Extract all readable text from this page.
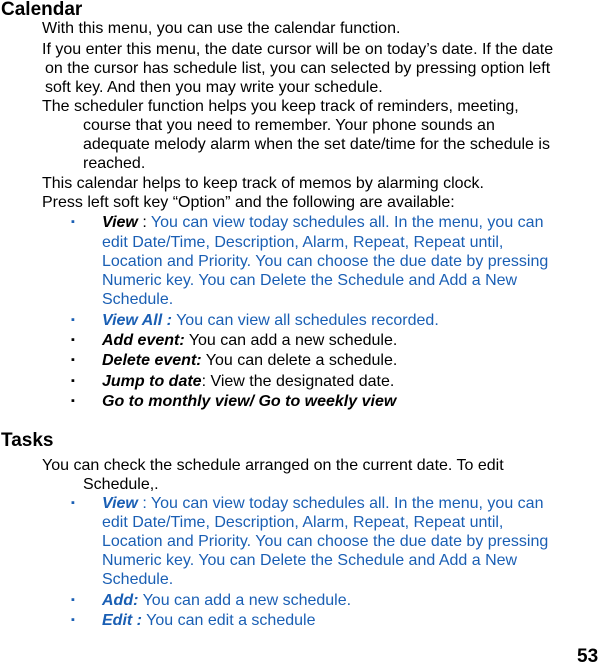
Calendar
With this menu, you can use the calendar function.
If you enter this menu, the date cursor will be on today’s date. If the date
on the cursor has schedule list, you can selected by pressing option left
soft key. And then you may write your schedule.
The scheduler function helps you keep track of reminders, meeting,
course that you need to remember. Your phone sounds an
adequate melody alarm when the set date/time for the schedule is
reached.
This calendar helps to keep track of memos by alarming clock.
Press left soft key “Option” and the following are available:
▪	View : You can view today schedules all. In the menu, you can
edit Date/Time, Description, Alarm, Repeat, Repeat until,
Location and Priority. You can choose the due date by pressing
Numeric key. You can Delete the Schedule and Add a New
Schedule.
▪	View All : You can view all schedules recorded.
▪	Add event: You can add a new schedule.
▪	Delete event: You can delete a schedule.
▪	Jump to date: View the designated date.
▪	Go to monthly view/ Go to weekly view
Tasks
You can check the schedule arranged on the current date. To edit
Schedule,.
▪	View : You can view today schedules all. In the menu, you can
edit Date/Time, Description, Alarm, Repeat, Repeat until,
Location and Priority. You can choose the due date by pressing
Numeric key. You can Delete the Schedule and Add a New
Schedule.
▪	Add: You can add a new schedule.
▪	Edit : You can edit a schedule
53
